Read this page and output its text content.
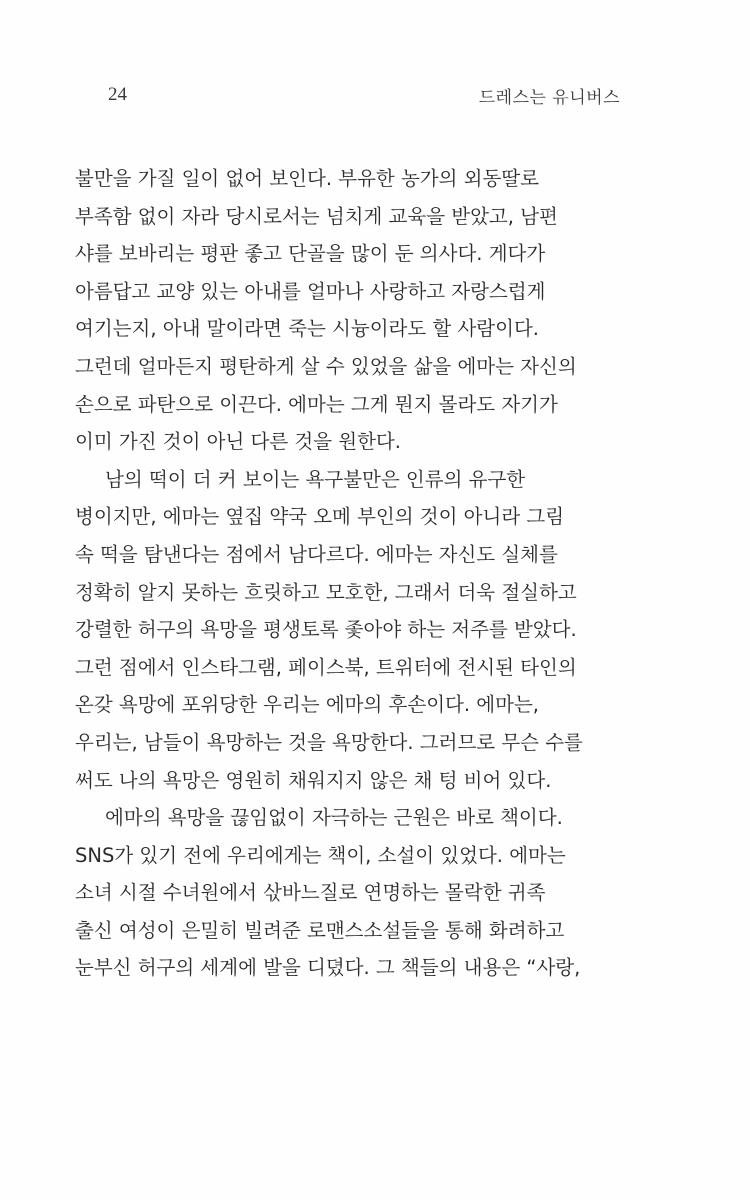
24	드레스는 유니버스
불만을 가질 일이 없어 보인다. 부유한 농가의 외동딸로
부족함 없이 자라 당시로서는 넘치게 교육을 받았고, 남편
샤를 보바리는 평판 좋고 단골을 많이 둔 의사다. 게다가
아름답고 교양 있는 아내를 얼마나 사랑하고 자랑스럽게
여기는지, 아내 말이라면 죽는 시늉이라도 할 사람이다.
그런데 얼마든지 평탄하게 살 수 있었을 삶을 에마는 자신의
손으로 파탄으로 이끈다. 에마는 그게 뭔지 몰라도 자기가
이미 가진 것이 아닌 다른 것을 원한다.
남의 떡이 더 커 보이는 욕구불만은 인류의 유구한
병이지만, 에마는 옆집 약국 오메 부인의 것이 아니라 그림
속 떡을 탐낸다는 점에서 남다르다. 에마는 자신도 실체를
정확히 알지 못하는 흐릿하고 모호한, 그래서 더욱 절실하고
강렬한 허구의 욕망을 평생토록 좇아야 하는 저주를 받았다.
그런 점에서 인스타그램, 페이스북, 트위터에 전시된 타인의
온갖 욕망에 포위당한 우리는 에마의 후손이다. 에마는,
우리는, 남들이 욕망하는 것을 욕망한다. 그러므로 무슨 수를
써도 나의 욕망은 영원히 채워지지 않은 채 텅 비어 있다.
에마의 욕망을 끊임없이 자극하는 근원은 바로 책이다.
SNS가 있기 전에 우리에게는 책이, 소설이 있었다. 에마는
소녀 시절 수녀원에서 삯바느질로 연명하는 몰락한 귀족
출신 여성이 은밀히 빌려준 로맨스소설들을 통해 화려하고
눈부신 허구의 세계에 발을 디뎠다. 그 책들의 내용은 “사랑,
